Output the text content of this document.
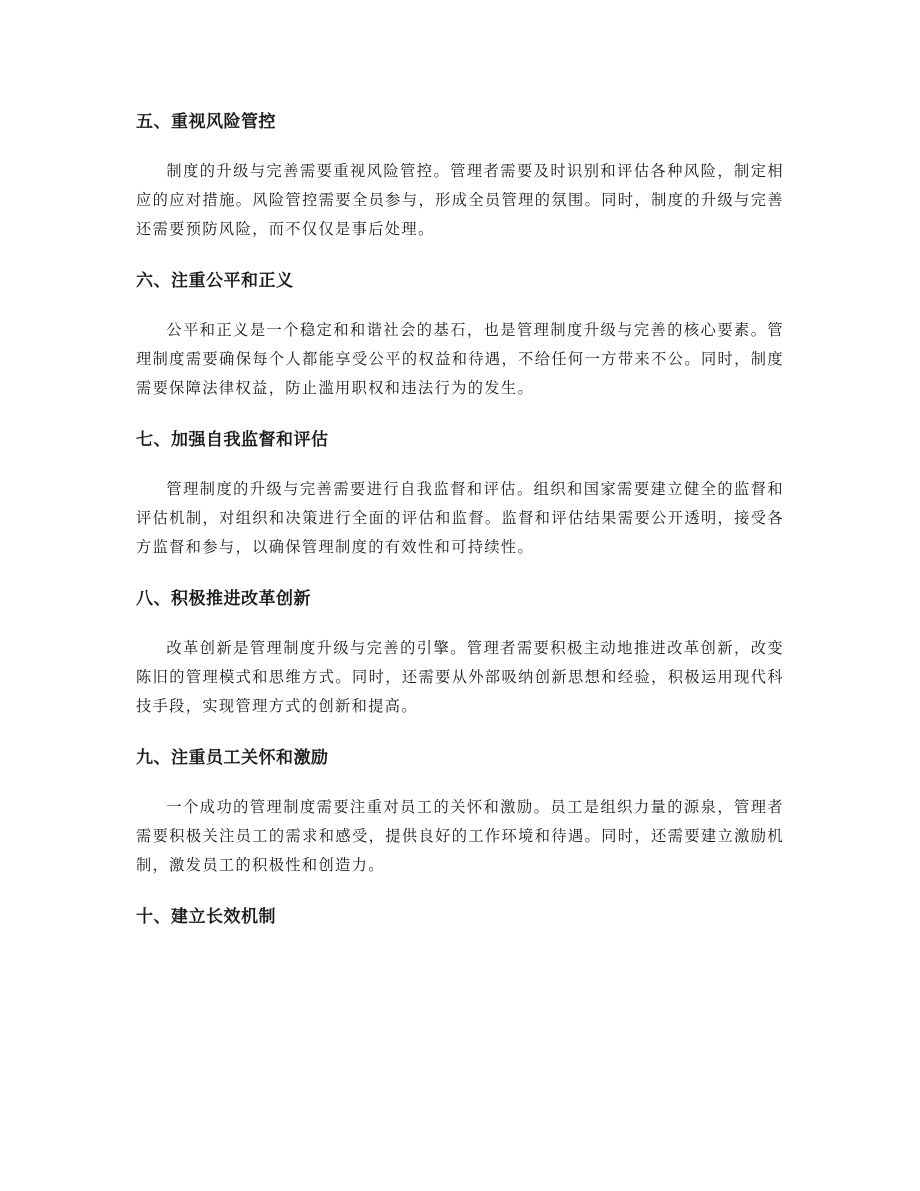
五、重视风险管控

制度的升级与完善需要重视风险管控。管理者需要及时识别和评估各种风险，制定相应的应对措施。风险管控需要全员参与，形成全员管理的氛围。同时，制度的升级与完善还需要预防风险，而不仅仅是事后处理。

六、注重公平和正义

公平和正义是一个稳定和和谐社会的基石，也是管理制度升级与完善的核心要素。管理制度需要确保每个人都能享受公平的权益和待遇，不给任何一方带来不公。同时，制度需要保障法律权益，防止滥用职权和违法行为的发生。

七、加强自我监督和评估

管理制度的升级与完善需要进行自我监督和评估。组织和国家需要建立健全的监督和评估机制，对组织和决策进行全面的评估和监督。监督和评估结果需要公开透明，接受各方监督和参与，以确保管理制度的有效性和可持续性。

八、积极推进改革创新

改革创新是管理制度升级与完善的引擎。管理者需要积极主动地推进改革创新，改变陈旧的管理模式和思维方式。同时，还需要从外部吸纳创新思想和经验，积极运用现代科技手段，实现管理方式的创新和提高。

九、注重员工关怀和激励

一个成功的管理制度需要注重对员工的关怀和激励。员工是组织力量的源泉，管理者需要积极关注员工的需求和感受，提供良好的工作环境和待遇。同时，还需要建立激励机制，激发员工的积极性和创造力。

十、建立长效机制
